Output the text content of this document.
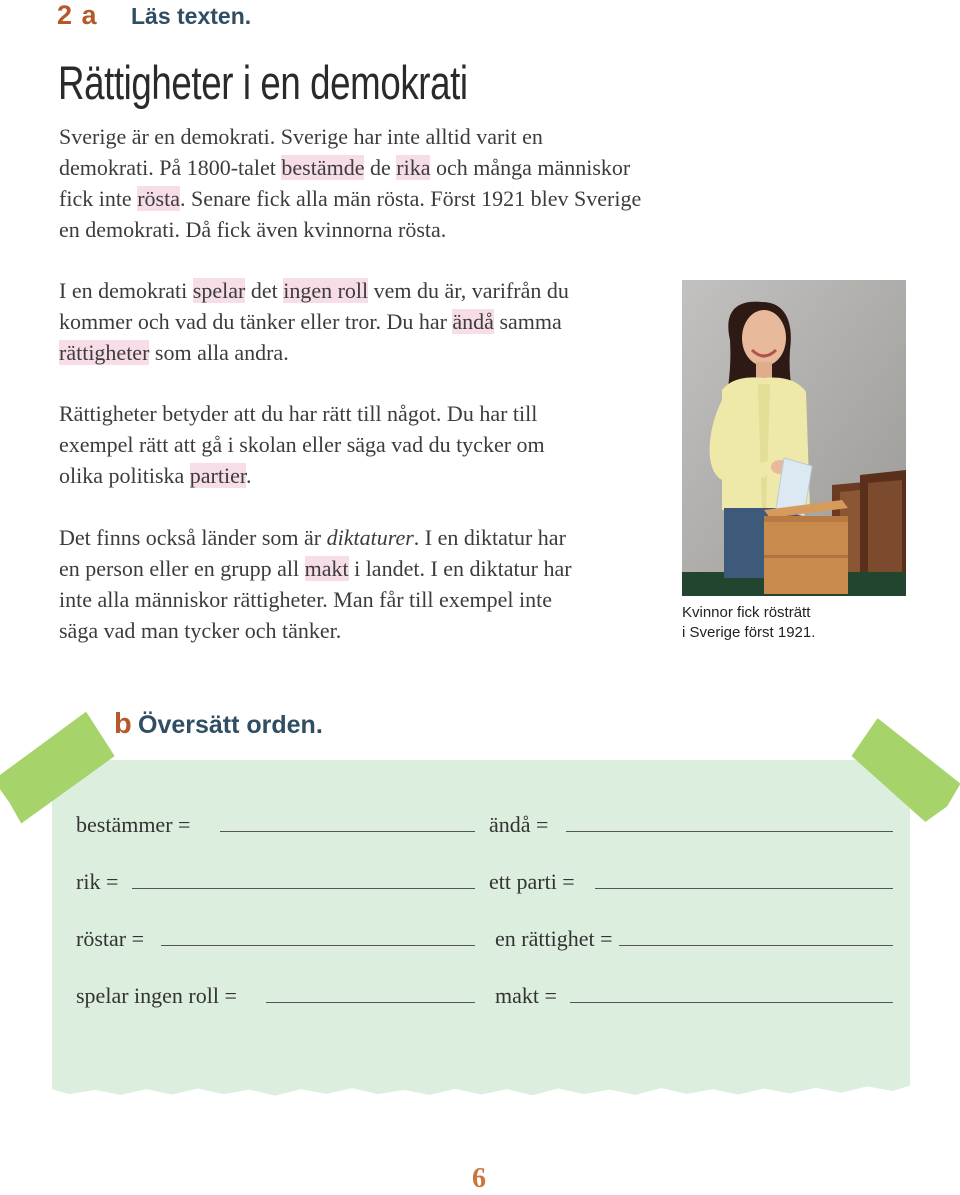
2 a Läs texten.
Rättigheter i en demokrati
Sverige är en demokrati. Sverige har inte alltid varit en
demokrati. På 1800-talet bestämde de rika och många människor
fick inte rösta. Senare fick alla män rösta. Först 1921 blev Sverige
en demokrati. Då fick även kvinnorna rösta.
I en demokrati spelar det ingen roll vem du är, varifrån du
kommer och vad du tänker eller tror. Du har ändå samma
rättigheter som alla andra.
Rättigheter betyder att du har rätt till något. Du har till
exempel rätt att gå i skolan eller säga vad du tycker om
olika politiska partier.
Det finns också länder som är diktaturer. I en diktatur har
en person eller en grupp all makt i landet. I en diktatur har
inte alla människor rättigheter. Man får till exempel inte
säga vad man tycker och tänker.
Kvinnor fick rösträtt
i Sverige först 1921.
b Översätt orden.
bestämmer =
rik =
röstar =
spelar ingen roll =
ändå =
ett parti =
en rättighet =
makt =
6
